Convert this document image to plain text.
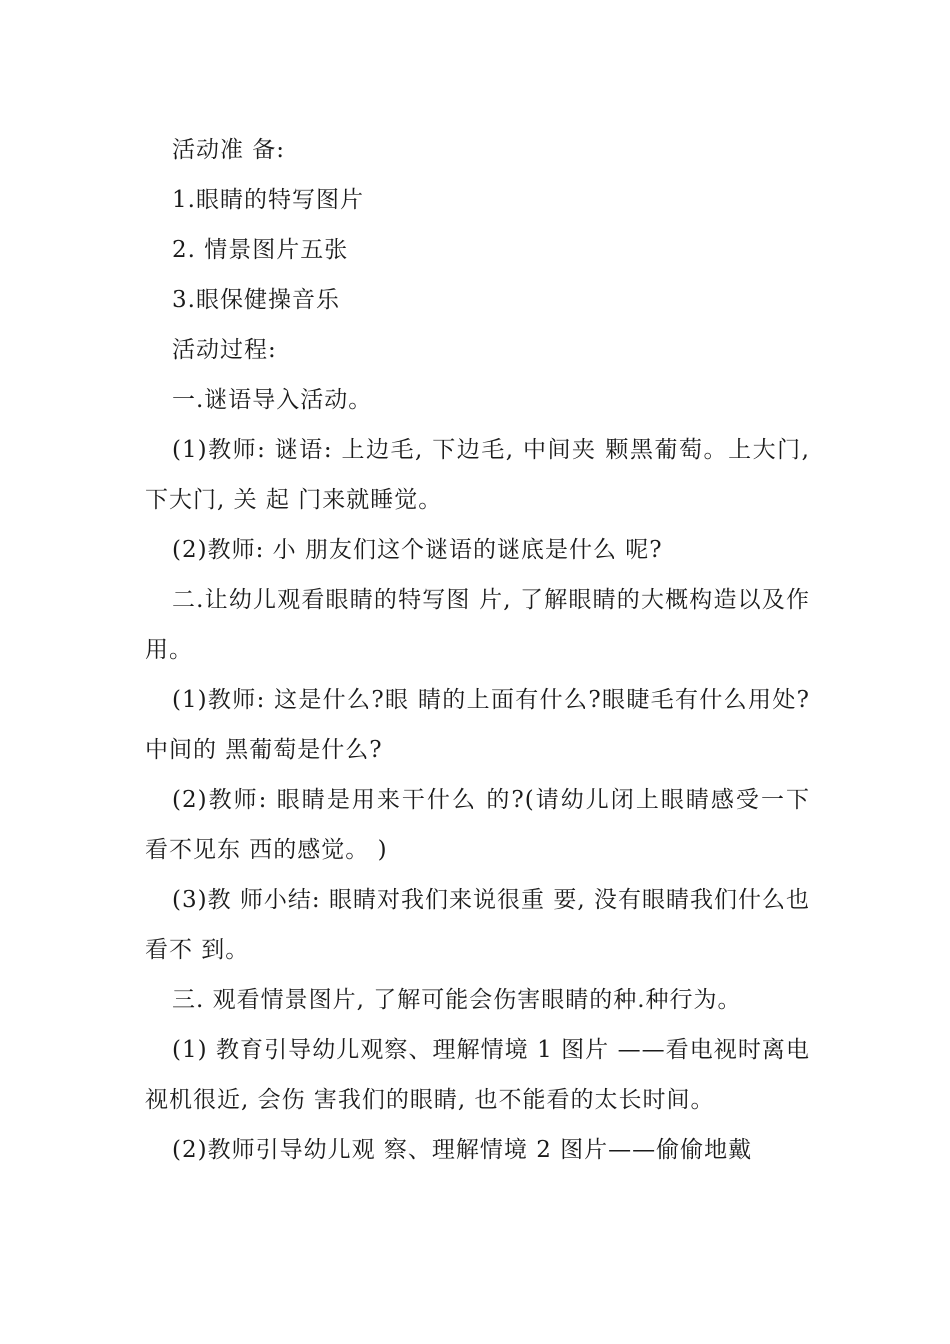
活动准 备:

1.眼睛的特写图片

2. 情景图片五张

3.眼保健操音乐

活动过程:

一.谜语导入活动。

(1)教师: 谜语: 上边毛, 下边毛, 中间夹 颗黑葡萄。上大门, 下大门, 关 起 门来就睡觉。

(2)教师: 小 朋友们这个谜语的谜底是什么 呢?

二.让幼儿观看眼睛的特写图 片, 了解眼睛的大概构造以及作 用。

(1)教师: 这是什么?眼 睛的上面有什么?眼睫毛有什么用处?中间的 黑葡萄是什么?

(2)教师: 眼睛是用来干什么 的?(请幼儿闭上眼睛感受一下 看不见东 西的感觉。 )

(3)教 师小结: 眼睛对我们来说很重 要, 没有眼睛我们什么也看不 到。

三. 观看情景图片, 了解可能会伤害眼睛的种.种行为。

(1) 教育引导幼儿观察、理解情境 1 图片 ——看电视时离电视机很近, 会伤 害我们的眼睛, 也不能看的太长时间。

(2)教师引导幼儿观 察、理解情境 2 图片——偷偷地戴
